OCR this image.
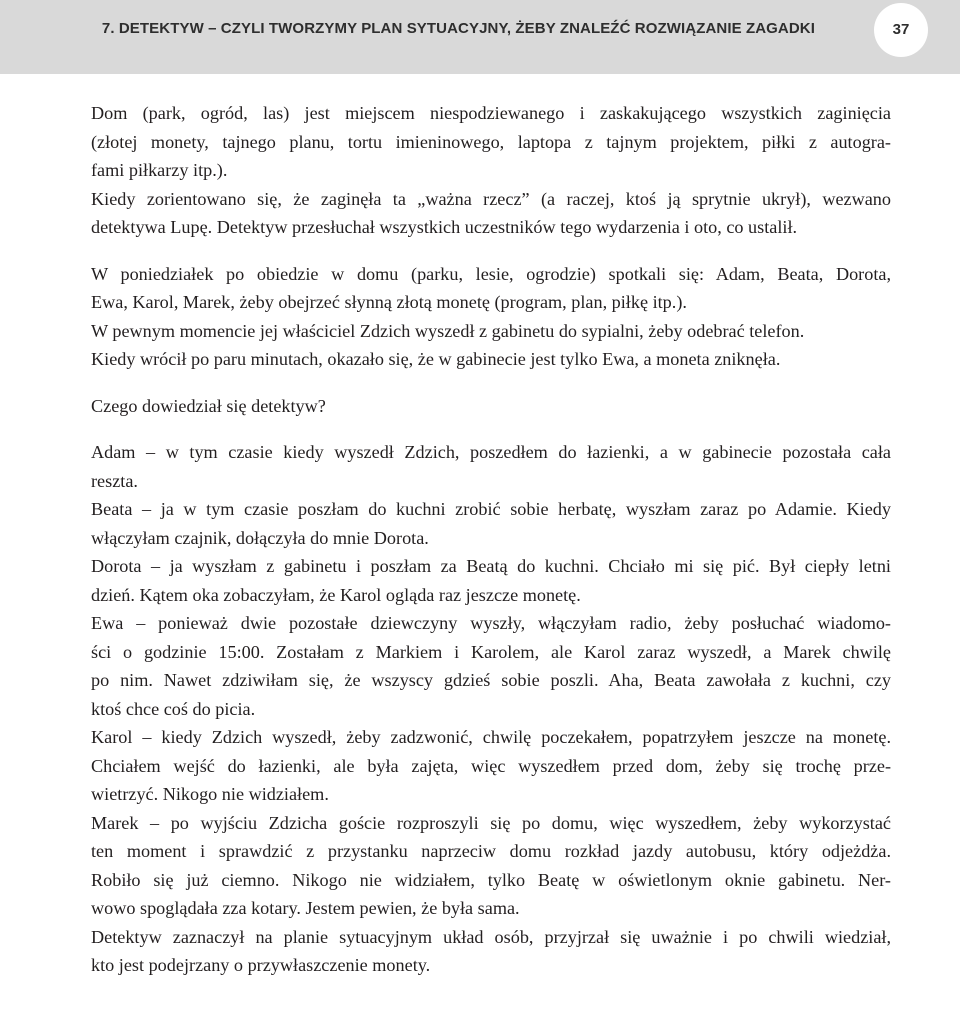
7. DETEKTYW – CZYLI TWORZYMY PLAN SYTUACYJNY, ŻEBY ZNALEŹĆ ROZWIĄZANIE ZAGADKI	37
Dom (park, ogród, las) jest miejscem niespodziewanego i zaskakującego wszystkich zaginięcia
(złotej monety, tajnego planu, tortu imieninowego, laptopa z tajnym projektem, piłki z autogra-
fami piłkarzy itp.).
Kiedy zorientowano się, że zaginęła ta „ważna rzecz” (a raczej, ktoś ją sprytnie ukrył), wezwano
detektywa Lupę. Detektyw przesłuchał wszystkich uczestników tego wydarzenia i oto, co ustalił.
W poniedziałek po obiedzie w domu (parku, lesie, ogrodzie) spotkali się: Adam, Beata, Dorota,
Ewa, Karol, Marek, żeby obejrzeć słynną złotą monetę (program, plan, piłkę itp.).
W pewnym momencie jej właściciel Zdzich wyszedł z gabinetu do sypialni, żeby odebrać telefon.
Kiedy wrócił po paru minutach, okazało się, że w gabinecie jest tylko Ewa, a moneta zniknęła.
Czego dowiedział się detektyw?
Adam – w tym czasie kiedy wyszedł Zdzich, poszedłem do łazienki, a w gabinecie pozostała cała
reszta.
Beata – ja w tym czasie poszłam do kuchni zrobić sobie herbatę, wyszłam zaraz po Adamie. Kiedy
włączyłam czajnik, dołączyła do mnie Dorota.
Dorota – ja wyszłam z gabinetu i poszłam za Beatą do kuchni. Chciało mi się pić. Był ciepły letni
dzień. Kątem oka zobaczyłam, że Karol ogląda raz jeszcze monetę.
Ewa – ponieważ dwie pozostałe dziewczyny wyszły, włączyłam radio, żeby posłuchać wiadomo-
ści o godzinie 15:00. Zostałam z Markiem i Karolem, ale Karol zaraz wyszedł, a Marek chwilę
po nim. Nawet zdziwiłam się, że wszyscy gdzieś sobie poszli. Aha, Beata zawołała z kuchni, czy
ktoś chce coś do picia.
Karol – kiedy Zdzich wyszedł, żeby zadzwonić, chwilę poczekałem, popatrzyłem jeszcze na monetę.
Chciałem wejść do łazienki, ale była zajęta, więc wyszedłem przed dom, żeby się trochę prze-
wietrzyć. Nikogo nie widziałem.
Marek – po wyjściu Zdzicha goście rozproszyli się po domu, więc wyszedłem, żeby wykorzystać
ten moment i sprawdzić z przystanku naprzeciw domu rozkład jazdy autobusu, który odjeżdża.
Robiło się już ciemno. Nikogo nie widziałem, tylko Beatę w oświetlonym oknie gabinetu. Ner-
wowo spoglądała zza kotary. Jestem pewien, że była sama.
Detektyw zaznaczył na planie sytuacyjnym układ osób, przyjrzał się uważnie i po chwili wiedział,
kto jest podejrzany o przywłaszczenie monety.
